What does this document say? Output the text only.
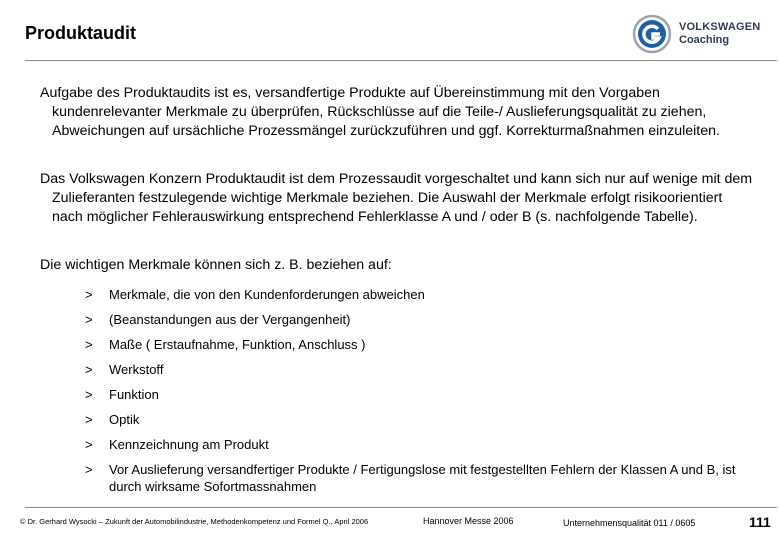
Produktaudit	VOLKSWAGEN
Coaching
Aufgabe des Produktaudits ist es, versandfertige Produkte auf Übereinstimmung mit den Vorgaben kundenrelevanter Merkmale zu überprüfen, Rückschlüsse auf die Teile-/ Auslieferungsqualität zu ziehen, Abweichungen auf ursächliche Prozessmängel zurückzuführen und ggf. Korrekturmaßnahmen einzuleiten.
Das Volkswagen Konzern Produktaudit ist dem Prozessaudit vorgeschaltet und kann sich nur auf wenige mit dem Zulieferanten festzulegende wichtige Merkmale beziehen. Die Auswahl der Merkmale erfolgt risikoorientiert nach möglicher Fehlerauswirkung entsprechend Fehlerklasse A und / oder B (s. nachfolgende Tabelle).
Die wichtigen Merkmale können sich z. B. beziehen auf:
> Merkmale, die von den Kundenforderungen abweichen
> (Beanstandungen aus der Vergangenheit)
> Maße ( Erstaufnahme, Funktion, Anschluss )
> Werkstoff
> Funktion
> Optik
> Kennzeichnung am Produkt
> Vor Auslieferung versandfertiger Produkte / Fertigungslose mit festgestellten Fehlern der Klassen A und B, ist durch wirksame Sofortmassnahmen
© Dr. Gerhard Wysocki – Zukunft der Automobilindustrie, Methodenkompetenz und Formel Q., April 2006	Hannover Messe 2006	Unternehmensqualität 011 / 0605	111
